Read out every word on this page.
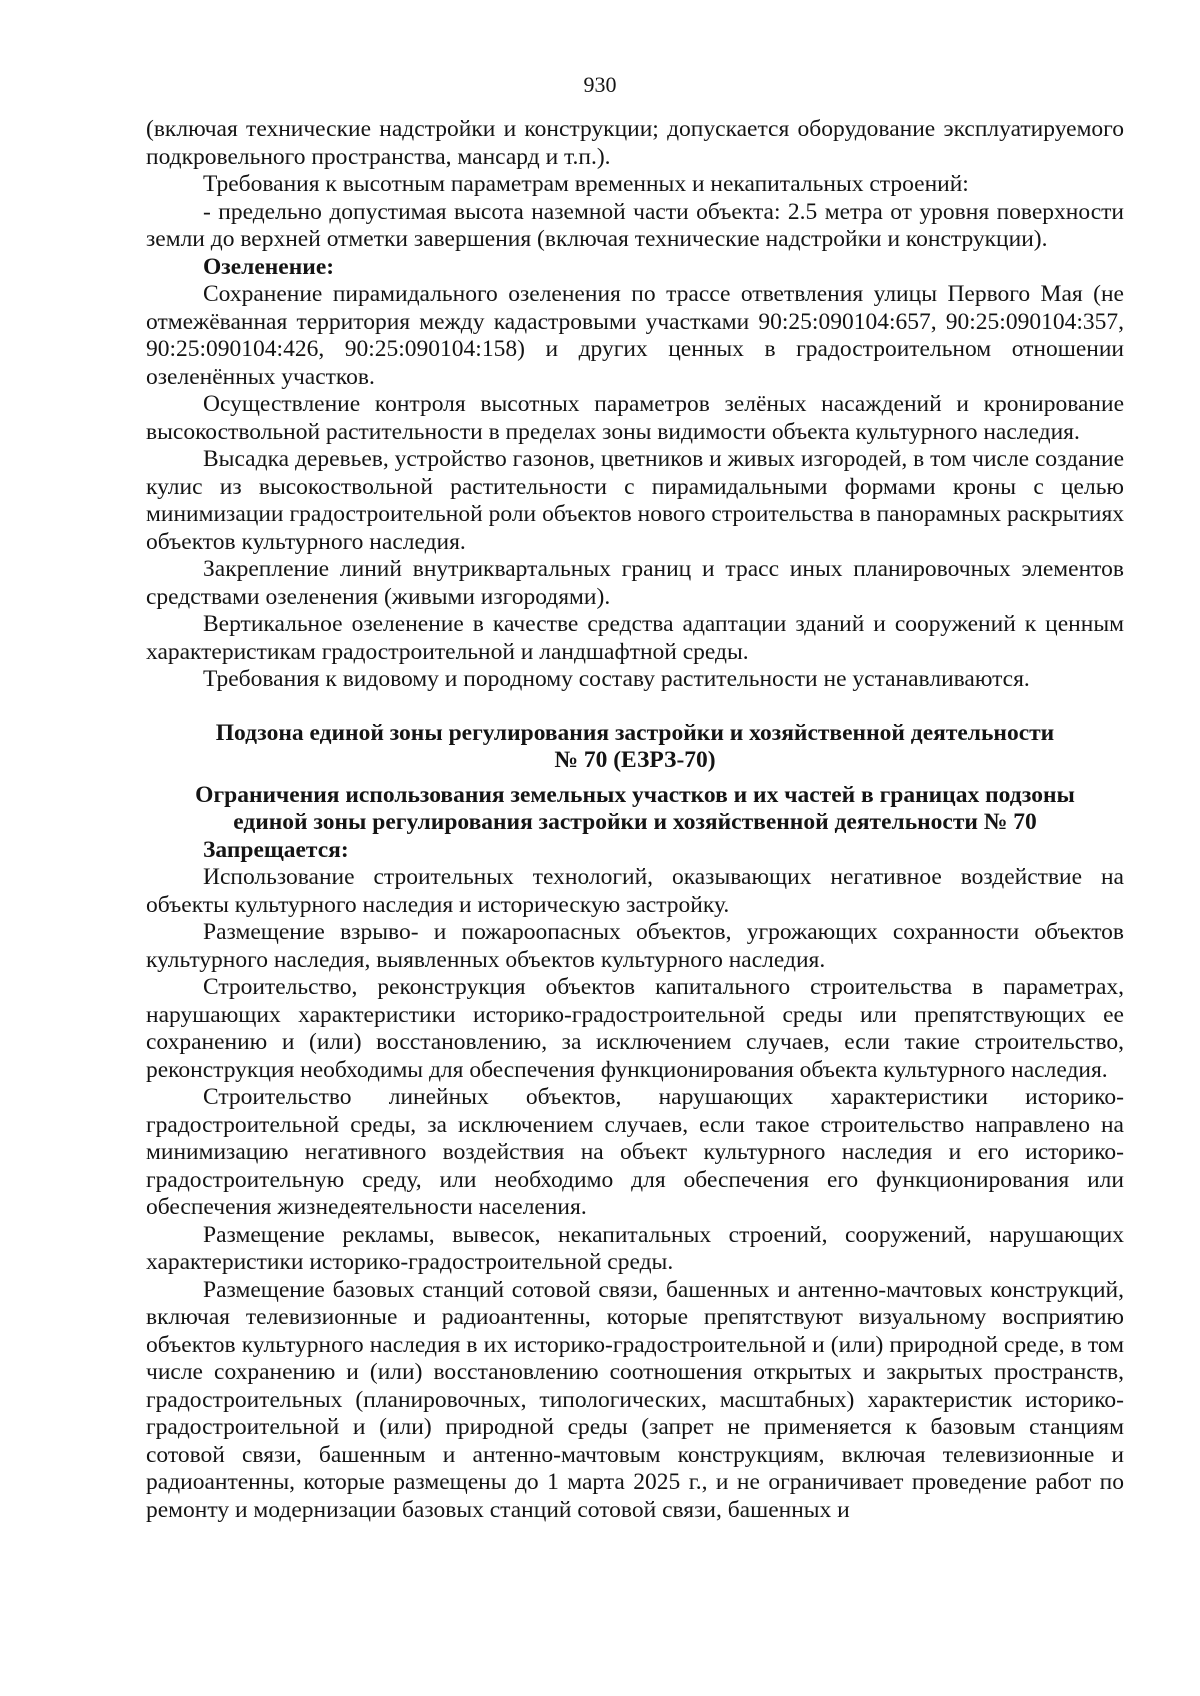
930

(включая технические надстройки и конструкции; допускается оборудование эксплуатируемого подкровельного пространства, мансард и т.п.).

Требования к высотным параметрам временных и некапитальных строений:

- предельно допустимая высота наземной части объекта: 2.5 метра от уровня поверхности земли до верхней отметки завершения (включая технические надстройки и конструкции).

Озеленение:

Сохранение пирамидального озеленения по трассе ответвления улицы Первого Мая (не отмежёванная территория между кадастровыми участками 90:25:090104:657, 90:25:090104:357, 90:25:090104:426, 90:25:090104:158) и других ценных в градостроительном отношении озеленённых участков.

Осуществление контроля высотных параметров зелёных насаждений и кронирование высокоствольной растительности в пределах зоны видимости объекта культурного наследия.

Высадка деревьев, устройство газонов, цветников и живых изгородей, в том числе создание кулис из высокоствольной растительности с пирамидальными формами кроны с целью минимизации градостроительной роли объектов нового строительства в панорамных раскрытиях объектов культурного наследия.

Закрепление линий внутриквартальных границ и трасс иных планировочных элементов средствами озеленения (живыми изгородями).

Вертикальное озеленение в качестве средства адаптации зданий и сооружений к ценным характеристикам градостроительной и ландшафтной среды.

Требования к видовому и породному составу растительности не устанавливаются.

Подзона единой зоны регулирования застройки и хозяйственной деятельности

№ 70 (ЕЗРЗ-70)

Ограничения использования земельных участков и их частей в границах подзоны

единой зоны регулирования застройки и хозяйственной деятельности № 70

Запрещается:

Использование строительных технологий, оказывающих негативное воздействие на объекты культурного наследия и историческую застройку.

Размещение взрыво- и пожароопасных объектов, угрожающих сохранности объектов культурного наследия, выявленных объектов культурного наследия.

Строительство, реконструкция объектов капитального строительства в параметрах, нарушающих характеристики историко-градостроительной среды или препятствующих ее сохранению и (или) восстановлению, за исключением случаев, если такие строительство, реконструкция необходимы для обеспечения функционирования объекта культурного наследия.

Строительство линейных объектов, нарушающих характеристики историко-градостроительной среды, за исключением случаев, если такое строительство направлено на минимизацию негативного воздействия на объект культурного наследия и его историко-градостроительную среду, или необходимо для обеспечения его функционирования или обеспечения жизнедеятельности населения.

Размещение рекламы, вывесок, некапитальных строений, сооружений, нарушающих характеристики историко-градостроительной среды.

Размещение базовых станций сотовой связи, башенных и антенно-мачтовых конструкций, включая телевизионные и радиоантенны, которые препятствуют визуальному восприятию объектов культурного наследия в их историко-градостроительной и (или) природной среде, в том числе сохранению и (или) восстановлению соотношения открытых и закрытых пространств, градостроительных (планировочных, типологических, масштабных) характеристик историко-градостроительной и (или) природной среды (запрет не применяется к базовым станциям сотовой связи, башенным и антенно-мачтовым конструкциям, включая телевизионные и радиоантенны, которые размещены до 1 марта 2025 г., и не ограничивает проведение работ по ремонту и модернизации базовых станций сотовой связи, башенных и
